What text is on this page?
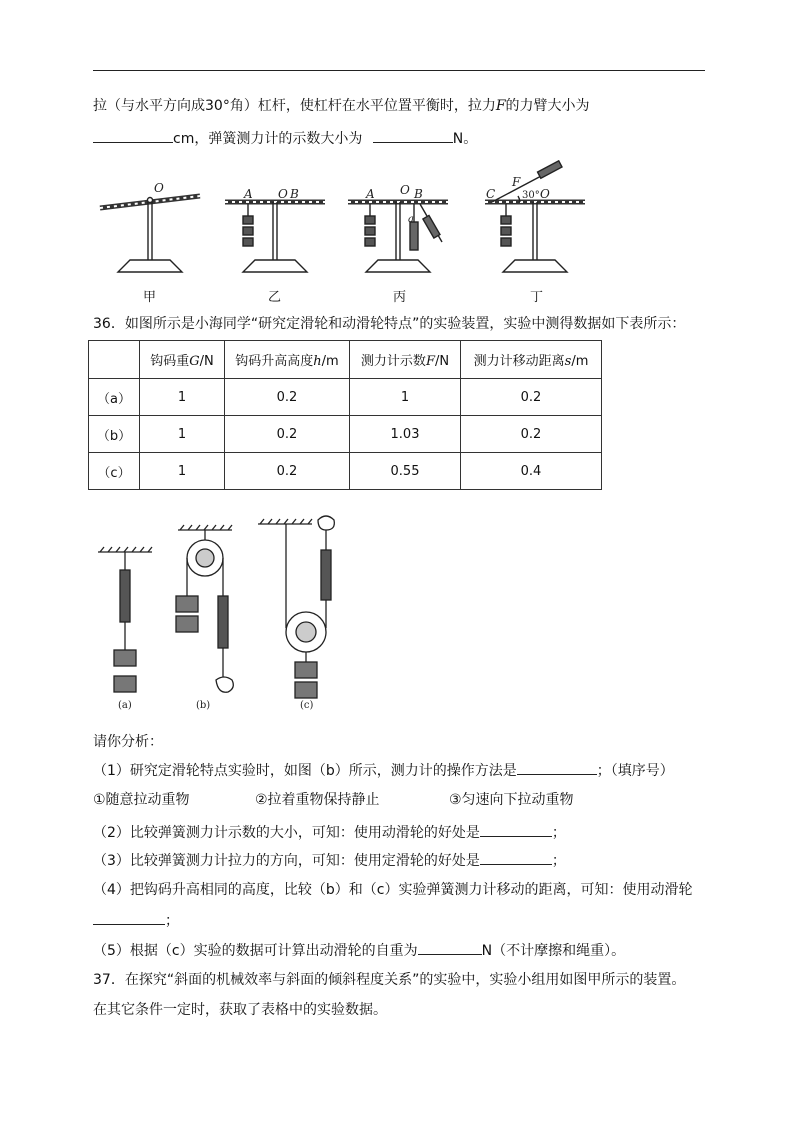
拉（与水平方向成30°角）杠杆，使杠杆在水平位置平衡时，拉力F的力臂大小为
cm，弹簧测力计的示数大小为	N。
O	A O B	A O B
a
C
F
30° O
甲	乙	丙	丁
36．如图所示是小海同学“研究定滑轮和动滑轮特点”的实验装置，实验中测得数据如下表所示：
	钩码重G/N	钩码升高高度h/m	测力计示数F/N	测力计移动距离s/m
（a）	1	0.2	1	0.2
（b）	1	0.2	1.03	0.2
（c）	1	0.2	0.55	0.4
(a)	(b)	(c)
请你分析：
（1）研究定滑轮特点实验时，如图（b）所示，测力计的操作方法是	；（填序号）
①随意拉动重物	②拉着重物保持静止	③匀速向下拉动重物
（2）比较弹簧测力计示数的大小，可知：使用动滑轮的好处是	；
（3）比较弹簧测力计拉力的方向，可知：使用定滑轮的好处是	；
（4）把钩码升高相同的高度，比较（b）和（c）实验弹簧测力计移动的距离，可知：使用动滑轮
；
（5）根据（c）实验的数据可计算出动滑轮的自重为	N（不计摩擦和绳重）。
37．在探究“斜面的机械效率与斜面的倾斜程度关系”的实验中，实验小组用如图甲所示的装置。
在其它条件一定时，获取了表格中的实验数据。
